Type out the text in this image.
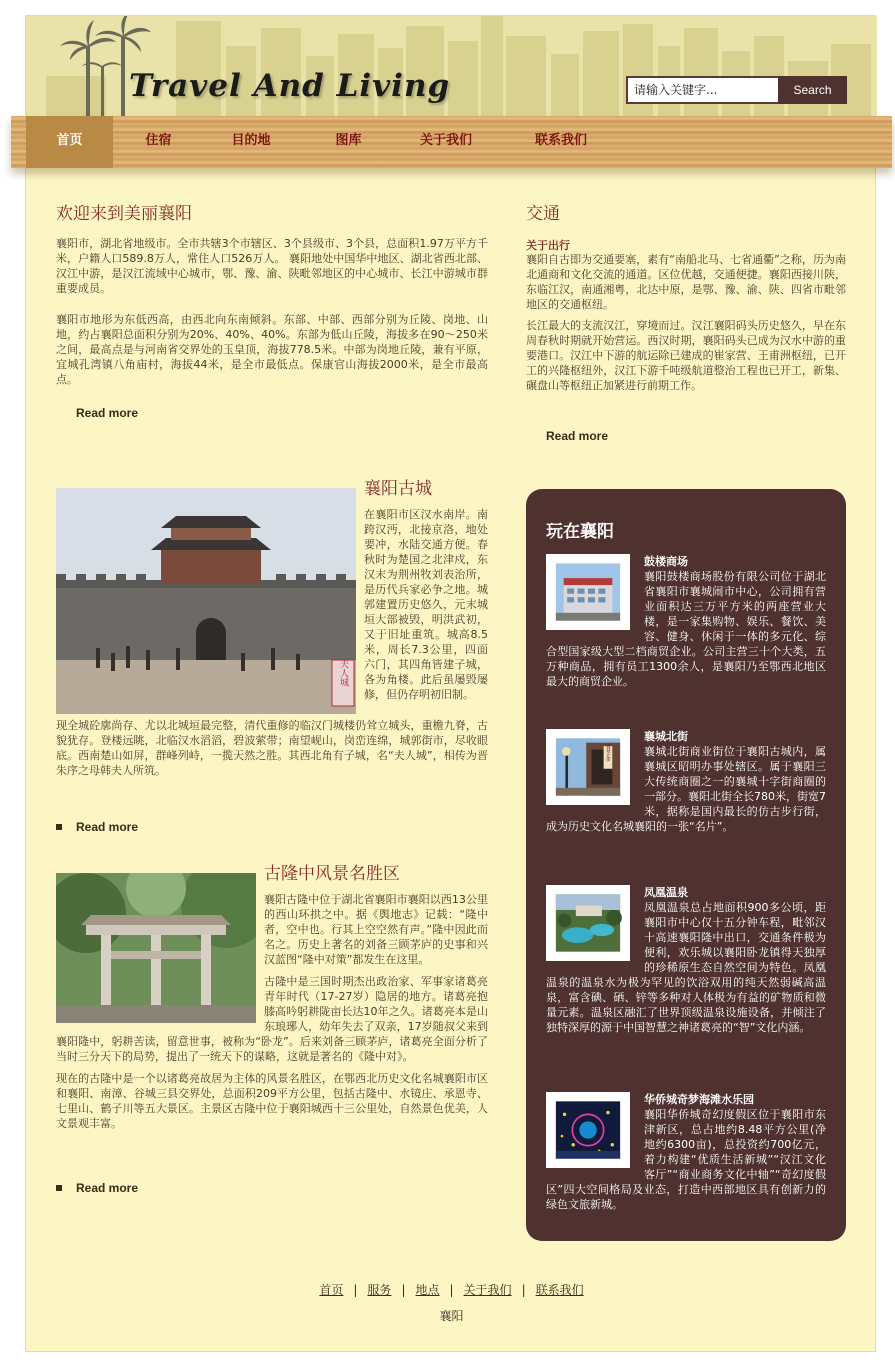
Travel And Living
请输入关键字...	Search
首页	住宿	目的地	图库	关于我们	联系我们
欢迎来到美丽襄阳

襄阳市，湖北省地级市。全市共辖3个市辖区、3个县级市、3个县，总面积1.97万平方千米，户籍人口589.8万人，常住人口526万人。 襄阳地处中国华中地区、湖北省西北部、汉江中游，是汉江流域中心城市，鄂、豫、渝、陕毗邻地区的中心城市、长江中游城市群重要成员。

襄阳市地形为东低西高，由西北向东南倾斜。东部、中部、西部分别为丘陵、岗地、山地，约占襄阳总面积分别为20%、40%、40%。东部为低山丘陵，海拔多在90～250米之间，最高点是与河南省交界处的玉皇顶，海拔778.5米。中部为岗地丘陵，兼有平原，宜城孔湾镇八角庙村，海拔44米，是全市最低点。保康官山海拔2000米，是全市最高点。

Read more
交通
关于出行

襄阳自古即为交通要塞，素有“南船北马、七省通衢”之称，历为南北通商和文化交流的通道。区位优越，交通便捷。襄阳西接川陕，东临江汉，南通湘粤，北达中原，是鄂、豫、渝、陕、四省市毗邻地区的交通枢纽。

长江最大的支流汉江，穿境而过。汉江襄阳码头历史悠久，早在东周春秋时期就开始营运。西汉时期，襄阳码头已成为汉水中游的重要港口。汉江中下游的航运除已建成的崔家营、王甫洲枢纽，已开工的兴隆枢纽外，汉江下游千吨级航道整治工程也已开工，新集、碾盘山等枢纽正加紧进行前期工作。

Read more
夫人城
襄阳古城

在襄阳市区汉水南岸。南跨汉沔，北接京洛，地处要冲，水陆交通方便。春秋时为楚国之北津戍，东汉末为荆州牧刘表治所，是历代兵家必争之地。城郭建置历史悠久，元末城垣大部被毁，明洪武初，又于旧址重筑。城高8.5米，周长7.3公里，四面六门，其四角皆建子城，各为角楼。此后虽屡毁屡修，但仍存明初旧制。

现全城砼廓尚存、尤以北城垣最完整，清代重修的临汉门城楼仍耸立城头，重檐九脊，古貌犹存。登楼远眺，北临汉水滔滔，碧波萦带；南望岘山，岗峦连绵，城郭街市，尽收眼底。西南楚山如屏，群峰列峙，一揽天然之胜。其西北角有子城，名“夫人城”，相传为晋朱序之母韩夫人所筑。

Read more
古隆中风景名胜区

襄阳古隆中位于湖北省襄阳市襄阳以西13公里的西山环拱之中。据《舆地志》记载：“隆中者，空中也。行其上空空然有声。”隆中因此而名之。历史上著名的刘备三顾茅庐的史事和兴汉蓝图“隆中对策”都发生在这里。

古隆中是三国时期杰出政治家、军事家诸葛亮青年时代（17-27岁）隐居的地方。诸葛亮抱膝高吟躬耕陇亩长达10年之久。诸葛亮本是山东琅琊人，幼年失去了双亲，17岁随叔父来到襄阳隆中，躬耕苦读，留意世事，被称为“卧龙”。后来刘备三顾茅庐，诸葛亮全面分析了当时三分天下的局势，提出了一统天下的谋略，这就是著名的《隆中对》。

现在的古隆中是一个以诸葛亮故居为主体的风景名胜区，在鄂西北历史文化名城襄阳市区和襄阳、南漳、谷城三县交界处，总面积209平方公里，包括古隆中、水镜庄、承恩寺、七里山、鹤子川等五大景区。主景区古隆中位于襄阳城西十三公里处，自然景色优美，人文景观丰富。

Read more
玩在襄阳
鼓楼商场
襄阳鼓楼商场股份有限公司位于湖北省襄阳市襄城闹市中心，公司拥有营业面积达三万平方米的两座营业大楼，是一家集购物、娱乐、餐饮、美容、健身、休闲于一体的多元化、综合型国家级大型二档商贸企业。公司主营三十个大类，五万种商品，拥有员工1300余人，是襄阳乃至鄂西北地区最大的商贸企业。
襄城北街
襄城北街
襄城北街商业街位于襄阳古城内，属襄城区昭明办事处辖区。属于襄阳三大传统商圈之一的襄城十字街商圈的一部分。襄阳北街全长780米，街宽7米，据称是国内最长的仿古步行街，成为历史文化名城襄阳的一张“名片”。
凤凰温泉
凤凰温泉总占地面积900多公顷，距襄阳市中心仅十五分钟车程，毗邻汉十高速襄阳隆中出口，交通条件极为便利，欢乐城以襄阳卧龙镇得天独厚的珍稀原生态自然空间为特色。凤凰温泉的温泉水为极为罕见的饮浴双用的纯天然弱碱高温泉，富含碘、硒、锌等多种对人体极为有益的矿物质和微量元素。温泉区融汇了世界顶级温泉设施设备，并倾注了独特深厚的源于中国智慧之神诸葛亮的“智”文化内涵。
华侨城奇梦海滩水乐园
襄阳华侨城奇幻度假区位于襄阳市东津新区，总占地约8.48平方公里(净地约6300亩)，总投资约700亿元，着力构建“优质生活新城”“汉江文化客厅”“商业商务文化中轴”“奇幻度假区”四大空间格局及业态，打造中西部地区具有创新力的绿色文旅新城。
首页 | 服务 | 地点 | 关于我们 | 联系我们
襄阳
